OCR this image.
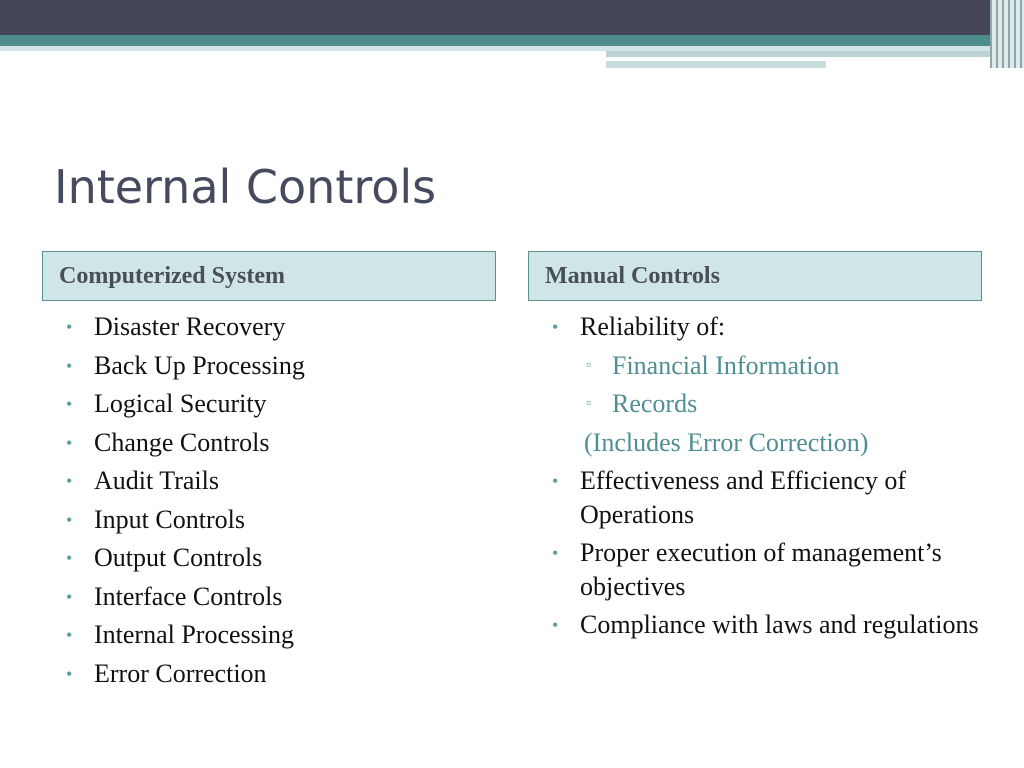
Internal Controls
Computerized System	Manual Controls
• Disaster Recovery
• Back Up Processing
• Logical Security
• Change Controls
• Audit Trails
• Input Controls
• Output Controls
• Interface Controls
• Internal Processing
• Error Correction
• Reliability of:
▫ Financial Information
▫ Records
(Includes Error Correction)
• Effectiveness and Efficiency of Operations
• Proper execution of management’s objectives
• Compliance with laws and regulations
